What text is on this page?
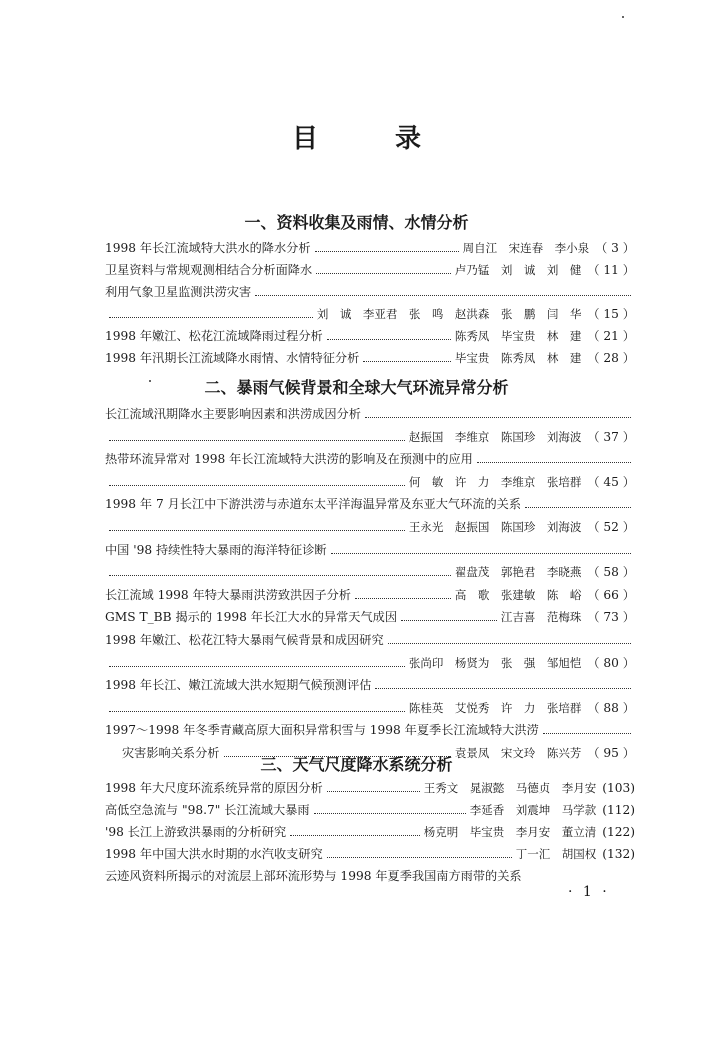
目 录
一、资料收集及雨情、水情分析
1998 年长江流域特大洪水的降水分析	周自江　宋连春　李小泉 （ 3 ）
卫星资料与常规观测相结合分析面降水	卢乃锰　刘　诚　刘　健 （ 11 ）
利用气象卫星监测洪涝灾害
刘　诚　李亚君　张　鸣　赵洪森　张　鹏　闫　华 （ 15 ）
1998 年嫩江、松花江流域降雨过程分析	陈秀凤　毕宝贵　林　建 （ 21 ）
1998 年汛期长江流域降水雨情、水情特征分析	毕宝贵　陈秀凤　林　建 （ 28 ）
二、暴雨气候背景和全球大气环流异常分析
长江流域汛期降水主要影响因素和洪涝成因分析
赵振国　李维京　陈国珍　刘海波 （ 37 ）
热带环流异常对 1998 年长江流域特大洪涝的影响及在预测中的应用
何　敏　许　力　李维京　张培群 （ 45 ）
1998 年 7 月长江中下游洪涝与赤道东太平洋海温异常及东亚大气环流的关系
王永光　赵振国　陈国珍　刘海波 （ 52 ）
中国 '98 持续性特大暴雨的海洋特征诊断
翟盘茂　郭艳君　李晓燕 （ 58 ）
长江流域 1998 年特大暴雨洪涝致洪因子分析	高　歌　张建敏　陈　峪 （ 66 ）
GMS T_BB 揭示的 1998 年长江大水的异常天气成因	江吉喜　范梅珠 （ 73 ）
1998 年嫩江、松花江特大暴雨气候背景和成因研究
张尚印　杨贤为　张　强　邹旭恺 （ 80 ）
1998 年长江、嫩江流域大洪水短期气候预测评估
陈桂英　艾悦秀　许　力　张培群 （ 88 ）
1997～1998 年冬季青藏高原大面积异常积雪与 1998 年夏季长江流域特大洪涝
灾害影响关系分析	袁景凤　宋文玲　陈兴芳 （ 95 ）
三、天气尺度降水系统分析
1998 年大尺度环流系统异常的原因分析	王秀文　晁淑懿　马德贞　李月安 (103)
高低空急流与 "98.7" 长江流域大暴雨	李延香　刘震坤　马学款 (112)
'98 长江上游致洪暴雨的分析研究	杨克明　毕宝贵　李月安　董立清 (122)
1998 年中国大洪水时期的水汽收支研究	丁一汇　胡国权 (132)
云迹风资料所揭示的对流层上部环流形势与 1998 年夏季我国南方雨带的关系
· 1 ·
